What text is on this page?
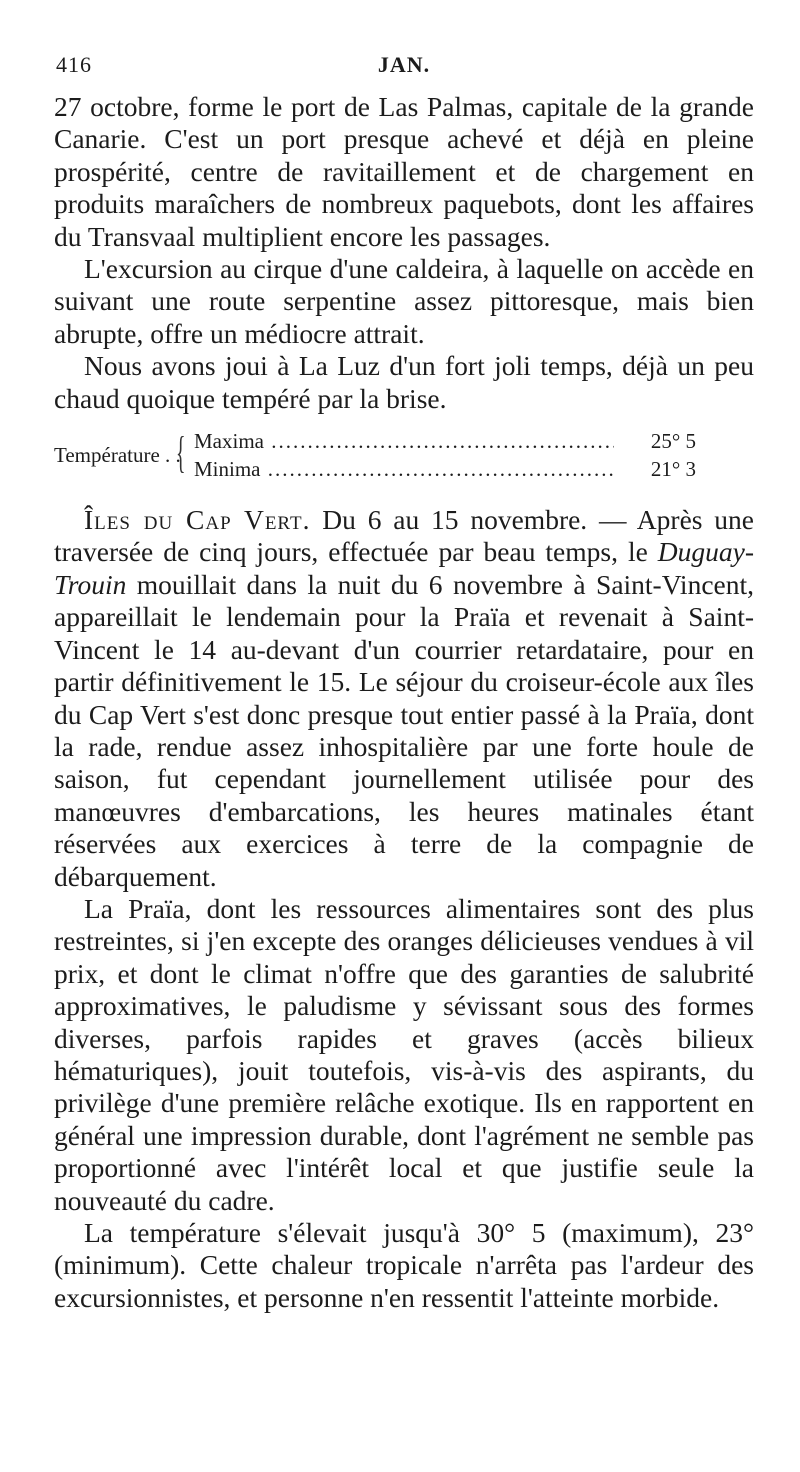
416	JAN.

27 octobre, forme le port de Las Palmas, capitale de la grande Canarie. C'est un port presque achevé et déjà en pleine prospérité, centre de ravitaillement et de chargement en produits maraîchers de nombreux paquebots, dont les affaires du Transvaal multiplient encore les passages.

L'excursion au cirque d'une caldeira, à laquelle on accède en suivant une route serpentine assez pittoresque, mais bien abrupte, offre un médiocre attrait.

Nous avons joui à La Luz d'un fort joli temps, déjà un peu chaud quoique tempéré par la brise.

Température . .
{ Maxima .....	25° 5
Minima .....	21° 3

Îles du Cap Vert. Du 6 au 15 novembre. — Après une traversée de cinq jours, effectuée par beau temps, le Duguay-Trouin mouillait dans la nuit du 6 novembre à Saint-Vincent, appareillait le lendemain pour la Praïa et revenait à Saint-Vincent le 14 au-devant d'un courrier retardataire, pour en partir définitivement le 15. Le séjour du croiseur-école aux îles du Cap Vert s'est donc presque tout entier passé à la Praïa, dont la rade, rendue assez inhospitalière par une forte houle de saison, fut cependant journellement utilisée pour des manœuvres d'embarcations, les heures matinales étant réservées aux exercices à terre de la compagnie de débarquement.

La Praïa, dont les ressources alimentaires sont des plus restreintes, si j'en excepte des oranges délicieuses vendues à vil prix, et dont le climat n'offre que des garanties de salubrité approximatives, le paludisme y sévissant sous des formes diverses, parfois rapides et graves (accès bilieux hématuriques), jouit toutefois, vis-à-vis des aspirants, du privilège d'une première relâche exotique. Ils en rapportent en général une impression durable, dont l'agrément ne semble pas proportionné avec l'intérêt local et que justifie seule la nouveauté du cadre.

La température s'élevait jusqu'à 30° 5 (maximum), 23° (minimum). Cette chaleur tropicale n'arrêta pas l'ardeur des excursionnistes, et personne n'en ressentit l'atteinte morbide.
